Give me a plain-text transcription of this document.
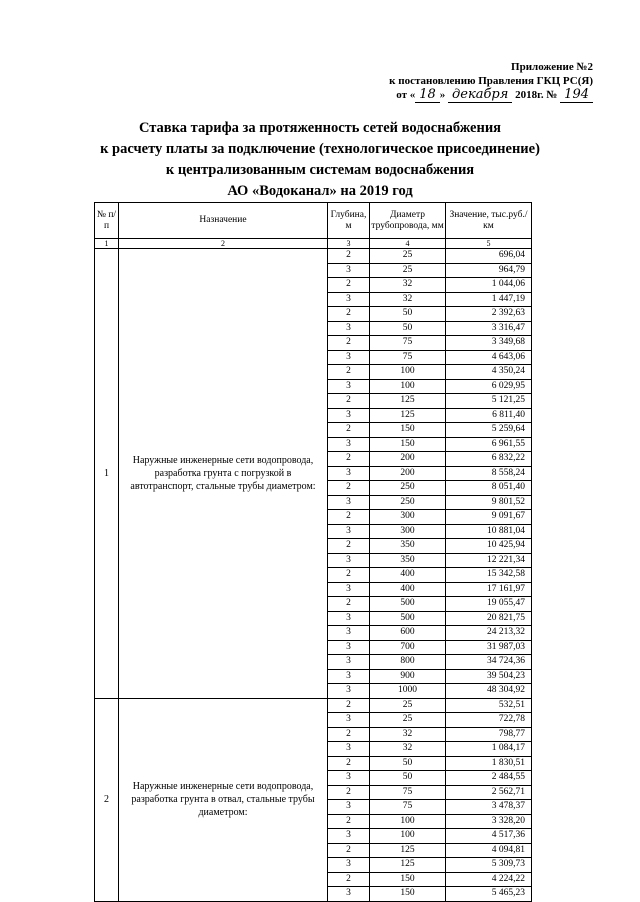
Приложение №2
к постановлению Правления ГКЦ РС(Я)
от « 18 » декабря 2018г. № 194
Ставка тарифа за протяженность сетей водоснабжения
к расчету платы за подключение (технологическое присоединение)
к централизованным системам водоснабжения
АО «Водоканал» на 2019 год
№ п/п	Назначение	Глубина, м	Диаметр трубопровода, мм	Значение, тыс.руб./км
1	2	3	4	5
1	Наружные инженерные сети водопровода, разработка грунта с погрузкой в автотранспорт, стальные трубы диаметром:	2	25	696,04
		3	25	964,79
		2	32	1 044,06
		3	32	1 447,19
		2	50	2 392,63
		3	50	3 316,47
		2	75	3 349,68
		3	75	4 643,06
		2	100	4 350,24
		3	100	6 029,95
		2	125	5 121,25
		3	125	6 811,40
		2	150	5 259,64
		3	150	6 961,55
		2	200	6 832,22
		3	200	8 558,24
		2	250	8 051,40
		3	250	9 801,52
		2	300	9 091,67
		3	300	10 881,04
		2	350	10 425,94
		3	350	12 221,34
		2	400	15 342,58
		3	400	17 161,97
		2	500	19 055,47
		3	500	20 821,75
		3	600	24 213,32
		3	700	31 987,03
		3	800	34 724,36
		3	900	39 504,23
		3	1000	48 304,92
2	Наружные инженерные сети водопровода, разработка грунта в отвал, стальные трубы диаметром:	2	25	532,51
		3	25	722,78
		2	32	798,77
		3	32	1 084,17
		2	50	1 830,51
		3	50	2 484,55
		2	75	2 562,71
		3	75	3 478,37
		2	100	3 328,20
		3	100	4 517,36
		2	125	4 094,81
		3	125	5 309,73
		2	150	4 224,22
		3	150	5 465,23
